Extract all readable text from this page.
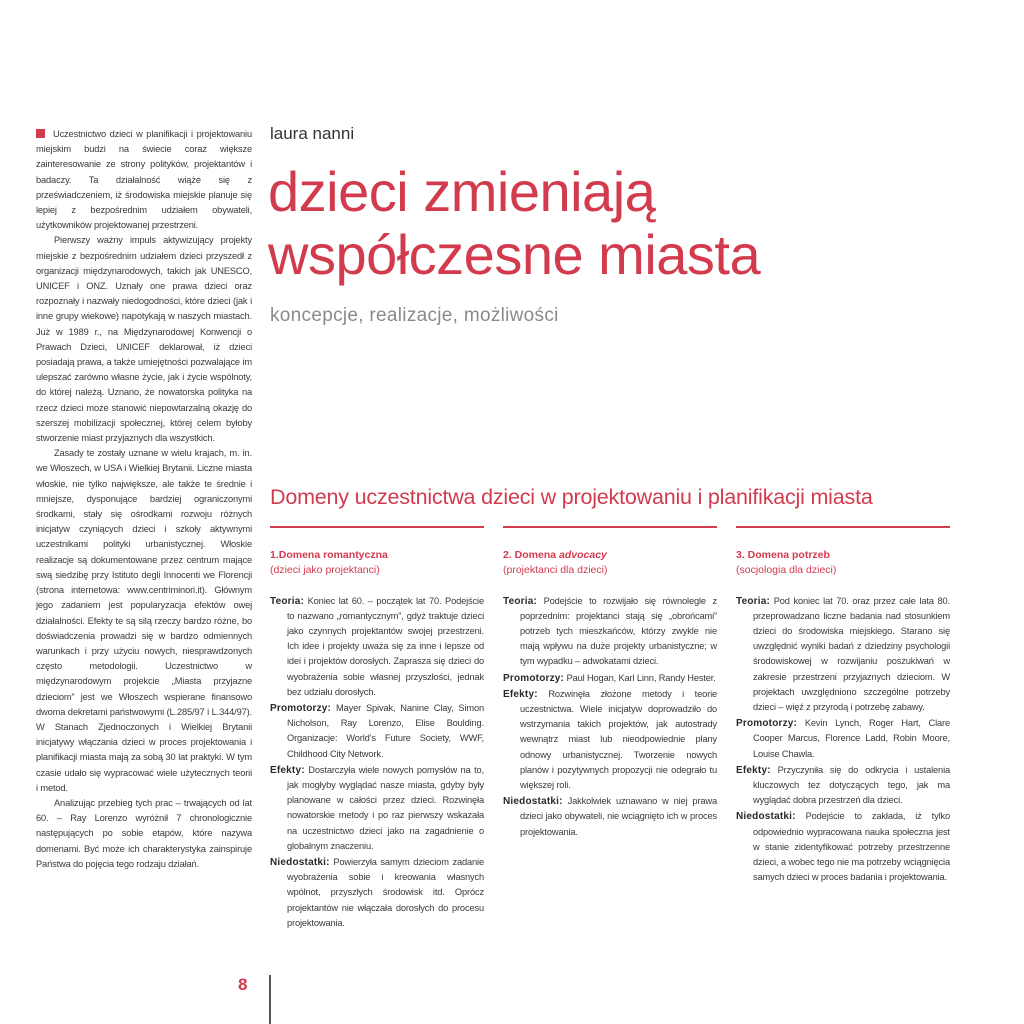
Uczestnictwo dzieci w planifikacji i projektowaniu miejskim budzi na świecie coraz większe zainteresowanie ze strony polityków, projektantów i badaczy. Ta działalność wiąże się z przeświadczeniem, iż środowiska miejskie planuje się lepiej z bezpośrednim udziałem obywateli, użytkowników projektowanej przestrzeni.

Pierwszy ważny impuls aktywizujący projekty miejskie z bezpośrednim udziałem dzieci przyszedł z organizacji międzynarodowych, takich jak UNESCO, UNICEF i ONZ. Uznały one prawa dzieci oraz rozpoznały i nazwały niedogodności, które dzieci (jak i inne grupy wiekowe) napotykają w naszych miastach. Już w 1989 r., na Międzynarodowej Konwencji o Prawach Dzieci, UNICEF deklarował, iż dzieci posiadają prawa, a także umiejętności pozwalające im ulepszać zarówno własne życie, jak i życie wspólnoty, do której należą. Uznano, że nowatorska polityka na rzecz dzieci może stanowić niepowtarzalną okazję do szerszej mobilizacji społecznej, której celem byłoby stworzenie miast przyjaznych dla wszystkich.

Zasady te zostały uznane w wielu krajach, m. in. we Włoszech, w USA i Wielkiej Brytanii. Liczne miasta włoskie, nie tylko największe, ale także te średnie i mniejsze, dysponujące bardziej ograniczonymi środkami, stały się ośrodkami rozwoju różnych inicjatyw czyniących dzieci i szkoły aktywnymi uczestnikami polityki urbanistycznej. Włoskie realizacje są dokumentowane przez centrum mające swą siedzibę przy Istituto degli Innocenti we Florencji (strona internetowa: www.centriminori.it). Głównym jego zadaniem jest popularyzacja efektów owej działalności. Efekty te są silą rzeczy bardzo różne, bo doświadczenia prowadzi się w bardzo odmiennych warunkach i przy użyciu nowych, niesprawdzonych często metodologii. Uczestnictwo w międzynarodowym projekcie „Miasta przyjazne dzieciom” jest we Włoszech wspierane finansowo dwoma dekretami państwowymi (L.285/97 i L.344/97). W Stanach Zjednoczonych i Wielkiej Brytanii inicjatywy włączania dzieci w proces projektowania i planifikacji miasta mają za sobą 30 lat praktyki. W tym czasie udało się wypracować wiele użytecznych teorii i metod.

Analizując przebieg tych prac – trwających od lat 60. – Ray Lorenzo wyróżnił 7 chronologicznie następujących po sobie etapów, które nazywa domenami. Być może ich charakterystyka zainspiruje Państwa do pojęcia tego rodzaju działań.

laura nanni
dzieci zmieniają
współczesne miasta
koncepcje, realizacje, możliwości
Domeny uczestnictwa dzieci w projektowaniu i planifikacji miasta
1.Domena romantyczna
(dzieci jako projektanci)

Teoria: Koniec lat 60. – początek lat 70. Podejście to nazwano „romantycznym”, gdyż traktuje dzieci jako czynnych projektantów swojej przestrzeni. Ich idee i projekty uważa się za inne i lepsze od idei i projektów dorosłych. Zaprasza się dzieci do wyobrażenia sobie własnej przyszłości, jednak bez udziału dorosłych.

Promotorzy: Mayer Spivak, Nanine Clay, Simon Nicholson, Ray Lorenzo, Elise Boulding. Organizacje: World’s Future Society, WWF, Childhood City Network.

Efekty: Dostarczyła wiele nowych pomysłów na to, jak mogłyby wyglądać nasze miasta, gdyby były planowane w całości przez dzieci. Rozwinęła nowatorskie metody i po raz pierwszy wskazała na uczestnictwo dzieci jako na zagadnienie o globalnym znaczeniu.

Niedostatki: Powierzyła samym dzieciom zadanie wyobrażenia sobie i kreowania własnych wpólnot, przyszłych środowisk itd. Oprócz projektantów nie włączała dorosłych do procesu projektowania.

2. Domena advocacy
(projektanci dla dzieci)

Teoria: Podejście to rozwijało się równolegle z poprzednim: projektanci stają się „obrońcami” potrzeb tych mieszkańców, którzy zwykle nie mają wpływu na duże projekty urbanistyczne; w tym wypadku – adwokatami dzieci.

Promotorzy: Paul Hogan, Karl Linn, Randy Hester.

Efekty: Rozwinęła złożone metody i teorie uczestnictwa. Wiele inicjatyw doprowadziło do wstrzymania takich projektów, jak autostrady wewnątrz miast lub nieodpowiednie plany odnowy urbanistycznej. Tworzenie nowych planów i pozytywnych propozycji nie odegrało tu większej roli.

Niedostatki: Jakkolwiek uznawano w niej prawa dzieci jako obywateli, nie wciągnięto ich w proces projektowania.

3. Domena potrzeb
(socjologia dla dzieci)

Teoria: Pod koniec lat 70. oraz przez całe lata 80. przeprowadzano liczne badania nad stosunkiem dzieci do środowiska miejskiego. Starano się uwzględnić wyniki badań z dziedziny psychologii środowiskowej w rozwijaniu poszukiwań w zakresie przestrzeni przyjaznych dzieciom. W projektach uwzględniono szczególne potrzeby dzieci – więź z przyrodą i potrzebę zabawy.

Promotorzy: Kevin Lynch, Roger Hart, Clare Cooper Marcus, Florence Ladd, Robin Moore, Louise Chawla.

Efekty: Przyczyniła się do odkrycia i ustalenia kluczowych tez dotyczących tego, jak ma wyglądać dobra przestrzeń dla dzieci.

Niedostatki: Podejście to zakłada, iż tylko odpowiednio wypracowana nauka społeczna jest w stanie zidentyfikować potrzeby przestrzenne dzieci, a wobec tego nie ma potrzeby wciągnięcia samych dzieci w proces badania i projektowania.

8
